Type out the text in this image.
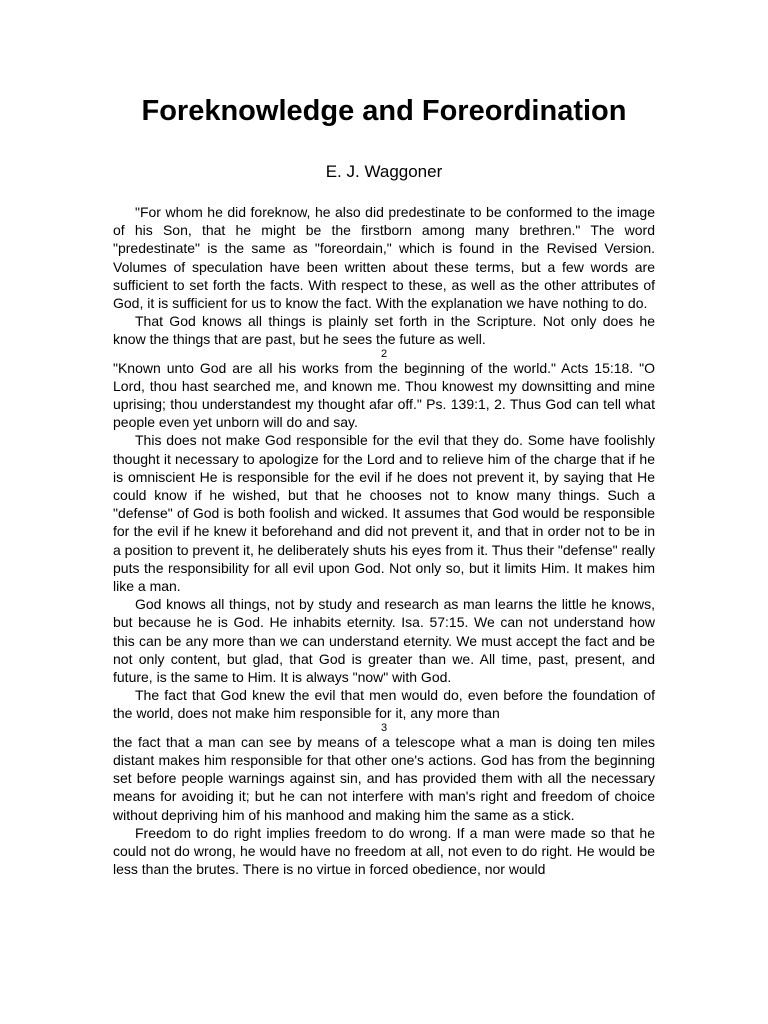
Foreknowledge and Foreordination
E. J. Waggoner

"For whom he did foreknow, he also did predestinate to be conformed to the image of his Son, that he might be the firstborn among many brethren." The word "predestinate" is the same as "foreordain," which is found in the Revised Version. Volumes of speculation have been written about these terms, but a few words are sufficient to set forth the facts. With respect to these, as well as the other attributes of God, it is sufficient for us to know the fact. With the explanation we have nothing to do.

That God knows all things is plainly set forth in the Scripture. Not only does he know the things that are past, but he sees the future as well.

2

"Known unto God are all his works from the beginning of the world." Acts 15:18. "O Lord, thou hast searched me, and known me. Thou knowest my downsitting and mine uprising; thou understandest my thought afar off." Ps. 139:1, 2. Thus God can tell what people even yet unborn will do and say.

This does not make God responsible for the evil that they do. Some have foolishly thought it necessary to apologize for the Lord and to relieve him of the charge that if he is omniscient He is responsible for the evil if he does not prevent it, by saying that He could know if he wished, but that he chooses not to know many things. Such a "defense" of God is both foolish and wicked. It assumes that God would be responsible for the evil if he knew it beforehand and did not prevent it, and that in order not to be in a position to prevent it, he deliberately shuts his eyes from it. Thus their "defense" really puts the responsibility for all evil upon God. Not only so, but it limits Him. It makes him like a man.

God knows all things, not by study and research as man learns the little he knows, but because he is God. He inhabits eternity. Isa. 57:15. We can not understand how this can be any more than we can understand eternity. We must accept the fact and be not only content, but glad, that God is greater than we. All time, past, present, and future, is the same to Him. It is always "now" with God.

The fact that God knew the evil that men would do, even before the foundation of the world, does not make him responsible for it, any more than

3

the fact that a man can see by means of a telescope what a man is doing ten miles distant makes him responsible for that other one's actions. God has from the beginning set before people warnings against sin, and has provided them with all the necessary means for avoiding it; but he can not interfere with man's right and freedom of choice without depriving him of his manhood and making him the same as a stick.

Freedom to do right implies freedom to do wrong. If a man were made so that he could not do wrong, he would have no freedom at all, not even to do right. He would be less than the brutes. There is no virtue in forced obedience, nor would
